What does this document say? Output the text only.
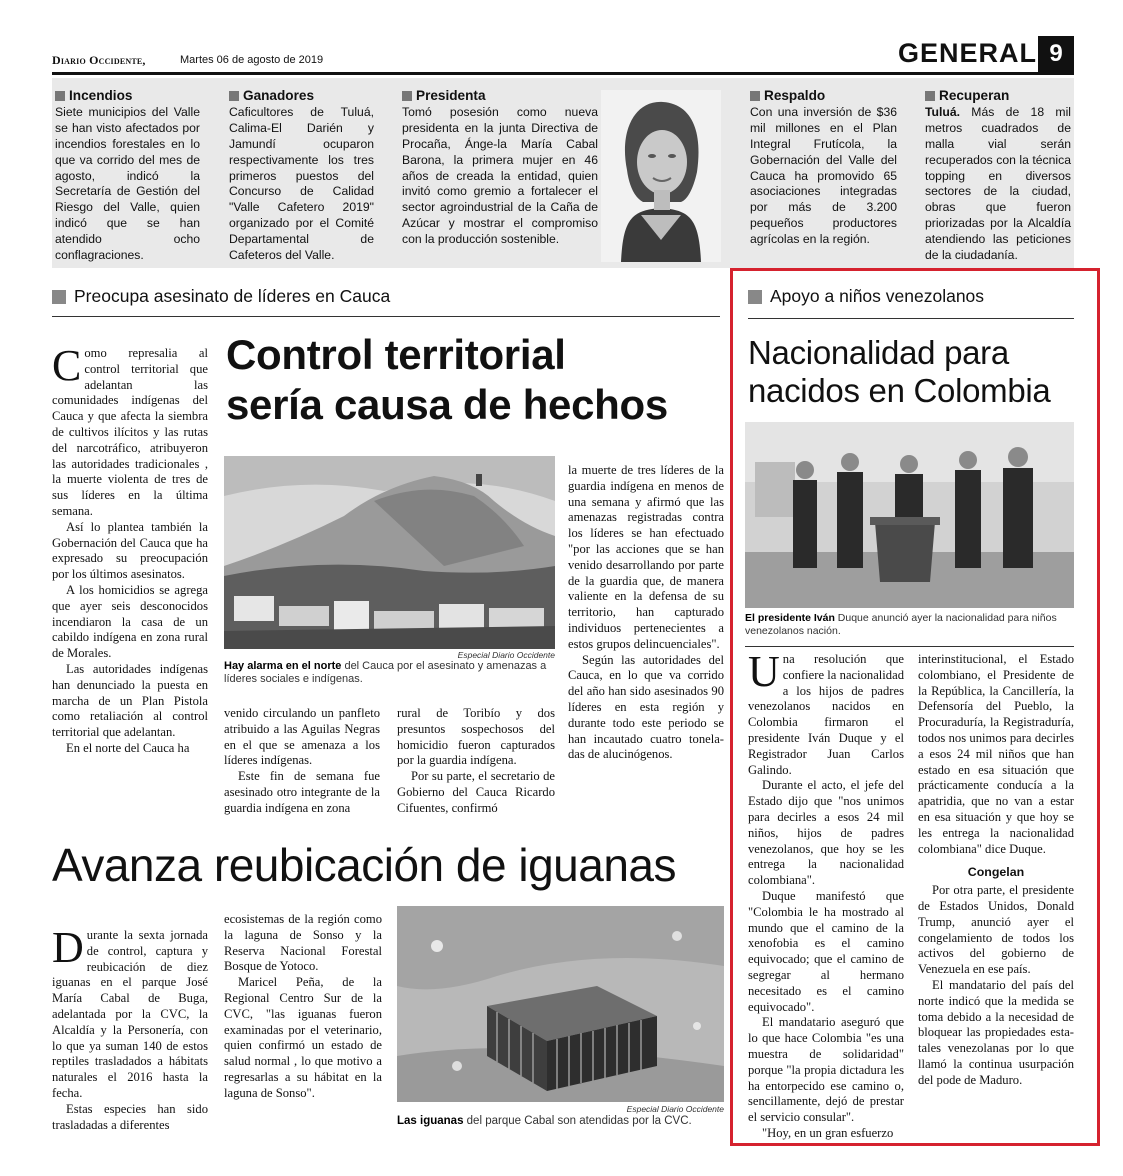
Diario Occidente,	Martes 06 de agosto de 2019	GENERAL 9
Incendios
Siete municipios del Valle se han visto afectados por incendios forestales en lo que va corrido del mes de agosto, indicó la Secretaría de Gestión del Riesgo del Valle, quien indicó que se han atendido ocho conflagraciones.
Ganadores
Caficultores de Tuluá, Calima-El Darién y Jamundí ocuparon respectivamente los tres primeros puestos del Concurso de Calidad "Valle Cafetero 2019" organizado por el Comité Departamental de Cafeteros del Valle.
Presidenta
Tomó posesión como nueva presidenta en la junta Directiva de Procaña, Ánge-la María Cabal Barona, la primera mujer en 46 años de creada la entidad, quien invitó como gremio a fortalecer el sector agroindustrial de la Caña de Azúcar y mostrar el compromiso con la producción sostenible.
Respaldo
Con una inversión de $36 mil millones en el Plan Integral Frutícola, la Gobernación del Valle del Cauca ha promovido 65 asociaciones integradas por más de 3.200 pequeños productores agrícolas en la región.
Recuperan
Tuluá. Más de 18 mil metros cuadrados de malla vial serán recuperados con la técnica topping en diversos sectores de la ciudad, obras que fueron priorizadas por la Alcaldía atendiendo las peticiones de la ciudadanía.
Preocupa asesinato de líderes en Cauca
Control territorial
sería causa de hechos

Como represalia al control territorial que adelantan las comunidades indígenas del Cauca y que afecta la siembra de cultivos ilícitos y las rutas del narcotráfico, atribuyeron las autoridades tradicionales , la muerte violenta de tres de sus líderes en la última semana.

Así lo plantea también la Gobernación del Cauca que ha expresado su preocupación por los últimos asesinatos.

A los homicidios se agrega que ayer seis desconocidos incendiaron la casa de un cabildo indígena en zona rural de Morales.

Las autoridades indígenas han denunciado la puesta en marcha de un Plan Pistola como retaliación al control territorial que adelantan.

En el norte del Cauca ha

Especial Diario Occidente
Hay alarma en el norte del Cauca por el asesinato y amenazas a líderes sociales e indígenas.

venido circulando un panfleto atribuido a las Aguilas Negras en el que se amenaza a los líderes indígenas.

Este fin de semana fue asesinado otro integrante de la guardia indígena en zona

rural de Toribío y dos presuntos sospechosos del homicidio fueron capturados por la guardia indígena.

Por su parte, el secretario de Gobierno del Cauca Ricardo Cifuentes, confirmó

la muerte de tres líderes de la guardia indígena en menos de una semana y afirmó que las amenazas registradas contra los líderes se han efectuado "por las acciones que se han venido desarrollando por parte de la guardia que, de manera valiente en la defensa de su territorio, han capturado individuos pertenecientes a estos grupos delincuenciales".

Según las autoridades del Cauca, en lo que va corrido del año han sido asesinados 90 líderes en esta región y durante todo este periodo se han incautado cuatro tonela-das de alucinógenos.

Avanza reubicación de iguanas

Durante la sexta jornada de control, captura y reubicación de diez iguanas en el parque José María Cabal de Buga, adelantada por la CVC, la Alcaldía y la Personería, con lo que ya suman 140 de estos reptiles trasladados a hábitats naturales el 2016 hasta la fecha.

Estas especies han sido trasladadas a diferentes

ecosistemas de la región como la laguna de Sonso y la Reserva Nacional Forestal Bosque de Yotoco.

Maricel Peña, de la Regional Centro Sur de la CVC, "las iguanas fueron examinadas por el veterinario, quien confirmó un estado de salud normal , lo que motivo a regresarlas a su hábitat en la laguna de Sonso".

Especial Diario Occidente
Las iguanas del parque Cabal son atendidas por la CVC.
Apoyo a niños venezolanos
Nacionalidad para
nacidos en Colombia
El presidente Iván Duque anunció ayer la nacionalidad para niños venezolanos nación.

Una resolución que confiere la nacionalidad a los hijos de padres venezolanos nacidos en Colombia firmaron el presidente Iván Duque y el Registrador Juan Carlos Galindo.

Durante el acto, el jefe del Estado dijo que "nos unimos para decirles a esos 24 mil niños, hijos de padres venezolanos, que hoy se les entrega la nacionalidad colombiana".

Duque manifestó que "Colombia le ha mostrado al mundo que el camino de la xenofobia es el camino equivocado; que el camino de segregar al hermano necesitado es el camino equivocado".

El mandatario aseguró que lo que hace Colombia "es una muestra de solidaridad" porque "la propia dictadura les ha entorpecido ese camino o, sencillamente, dejó de prestar el servicio consular".

"Hoy, en un gran esfuerzo

interinstitucional, el Estado colombiano, el Presidente de la República, la Cancillería, la Defensoría del Pueblo, la Procuraduría, la Registraduría, todos nos unimos para decirles a esos 24 mil niños que han estado en esa situación que prácticamente conducía a la apatridia, que no van a estar en esa situación y que hoy se les entrega la nacionalidad colombiana" dice Duque.

Congelan

Por otra parte, el presidente de Estados Unidos, Donald Trump, anunció ayer el congelamiento de todos los activos del gobierno de Venezuela en ese país.

El mandatario del país del norte indicó que la medida se toma debido a la necesidad de bloquear las propiedades esta-tales venezolanas por lo que llamó la continua usurpación del pode de Maduro.
